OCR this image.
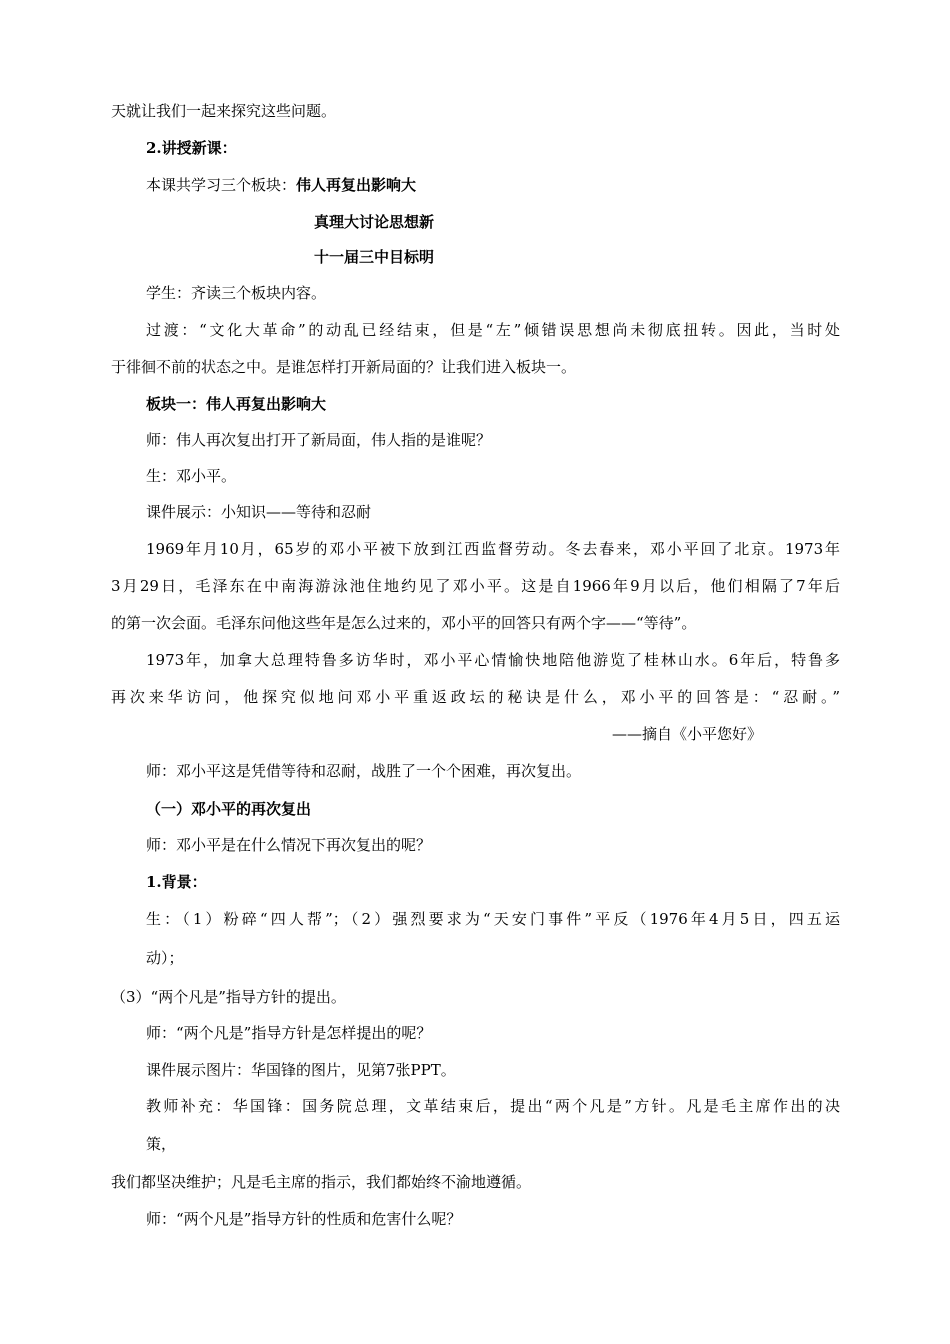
天就让我们一起来探究这些问题。
2.讲授新课：
本课共学习三个板块：伟人再复出影响大
真理大讨论思想新
十一届三中目标明
学生：齐读三个板块内容。
过渡：“文化大革命”的动乱已经结束，但是“左”倾错误思想尚未彻底扭转。因此，当时处
于徘徊不前的状态之中。是谁怎样打开新局面的？让我们进入板块一。
板块一：伟人再复出影响大
师：伟人再次复出打开了新局面，伟人指的是谁呢？
生：邓小平。
课件展示：小知识——等待和忍耐
1969年月10月，65岁的邓小平被下放到江西监督劳动。冬去春来，邓小平回了北京。1973年
3月29日，毛泽东在中南海游泳池住地约见了邓小平。这是自1966年9月以后，他们相隔了7年后
的第一次会面。毛泽东问他这些年是怎么过来的，邓小平的回答只有两个字——“等待”。
1973年，加拿大总理特鲁多访华时，邓小平心情愉快地陪他游览了桂林山水。6年后，特鲁多
再次来华访问，他探究似地问邓小平重返政坛的秘诀是什么，邓小平的回答是：“忍耐。”
——摘自《小平您好》
师：邓小平这是凭借等待和忍耐，战胜了一个个困难，再次复出。
（一）邓小平的再次复出
师：邓小平是在什么情况下再次复出的呢？
1.背景：
生：（1）粉碎“四人帮”；（2）强烈要求为“天安门事件”平反（1976年4月5日，四五运
动）；
（3）“两个凡是”指导方针的提出。
师：“两个凡是”指导方针是怎样提出的呢？
课件展示图片：华国锋的图片，见第7张PPT。
教师补充：华国锋：国务院总理，文革结束后，提出“两个凡是”方针。凡是毛主席作出的决
策，
我们都坚决维护；凡是毛主席的指示，我们都始终不渝地遵循。
师：“两个凡是”指导方针的性质和危害什么呢？
